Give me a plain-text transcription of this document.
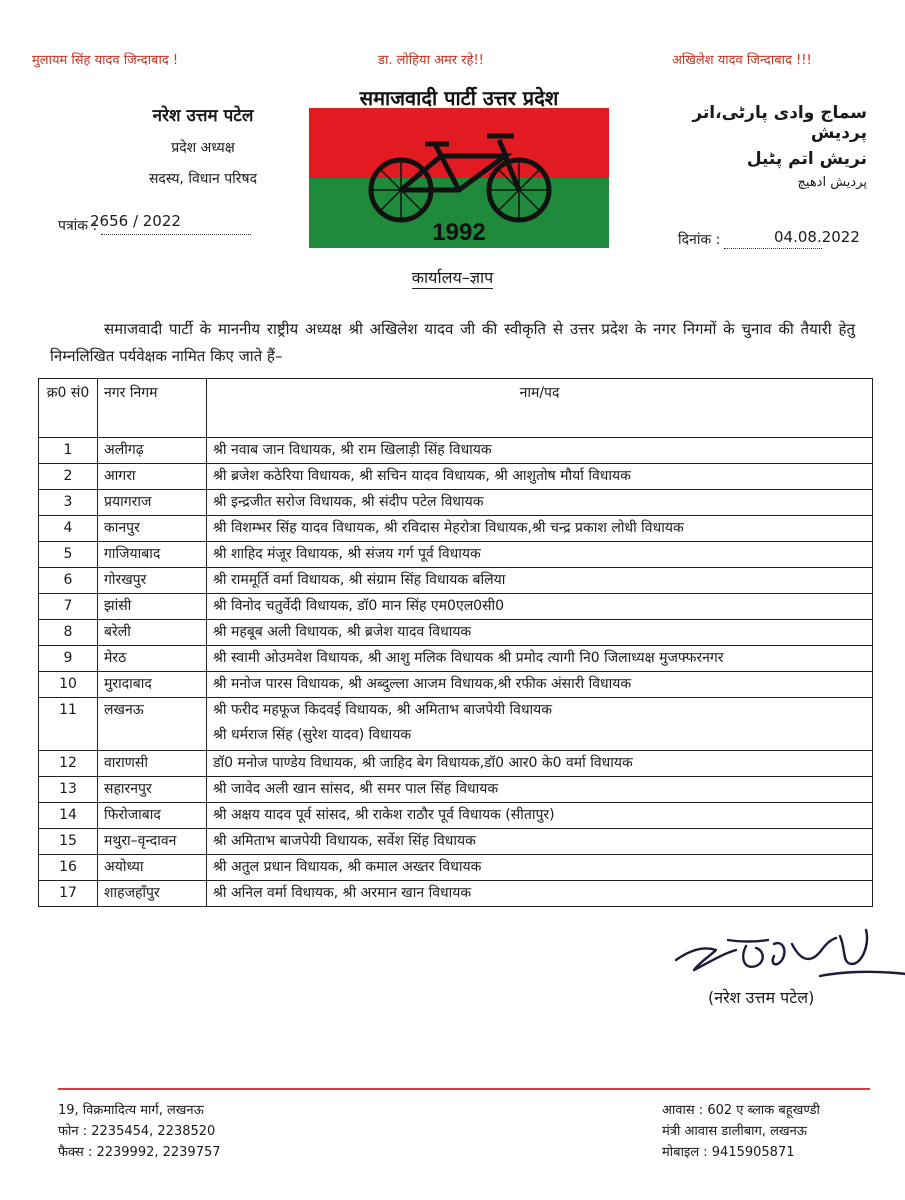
मुलायम सिंह यादव जिन्दाबाद !	डा. लोहिया अमर रहे!!	अखिलेश यादव जिन्दाबाद !!!
नरेश उत्तम पटेल
प्रदेश अध्यक्ष
सदस्य, विधान परिषद
1992
समाजवादी पार्टी उत्तर प्रदेश
سماج وادی پارٹی،اتر پردیش
نریش اتم پٹیل
پردیش ادھیچ
पत्रांक :
2656 / 2022
दिनांक :	04.08.2022
कार्यालय–ज्ञाप
समाजवादी पार्टी के माननीय राष्ट्रीय अध्यक्ष श्री अखिलेश यादव जी की स्वीकृति से उत्तर प्रदेश के नगर निगमों के चुनाव की तैयारी हेतु निम्नलिखित पर्यवेक्षक नामित किए जाते हैं–
क्र0 सं0	नगर निगम	नाम/पद
1	अलीगढ़	श्री नवाब जान विधायक, श्री राम खिलाड़ी सिंह विधायक
2	आगरा	श्री ब्रजेश कठेरिया विधायक, श्री सचिन यादव विधायक, श्री आशुतोष मौर्या विधायक
3	प्रयागराज	श्री इन्द्रजीत सरोज विधायक, श्री संदीप पटेल विधायक
4	कानपुर	श्री विशम्भर सिंह यादव विधायक, श्री रविदास मेहरोत्रा विधायक,श्री चन्द्र प्रकाश लोधी विधायक
5	गाजियाबाद	श्री शाहिद मंजूर विधायक, श्री संजय गर्ग पूर्व विधायक
6	गोरखपुर	श्री राममूर्ति वर्मा विधायक, श्री संग्राम सिंह विधायक बलिया
7	झांसी	श्री विनोद चतुर्वेदी विधायक, डॉ0 मान सिंह एम0एल0सी0
8	बरेली	श्री महबूब अली विधायक, श्री ब्रजेश यादव विधायक
9	मेरठ	श्री स्वामी ओउमवेश विधायक, श्री आशु मलिक विधायक श्री प्रमोद त्यागी नि0 जिलाध्यक्ष मुजफ्फरनगर
10	मुरादाबाद	श्री मनोज पारस विधायक, श्री अब्दुल्ला आजम विधायक,श्री रफीक अंसारी विधायक
11	लखनऊ	श्री फरीद महफूज किदवई विधायक, श्री अमिताभ बाजपेयी विधायक
श्री धर्मराज सिंह (सुरेश यादव) विधायक

12	वाराणसी	डॉ0 मनोज पाण्डेय विधायक, श्री जाहिद बेग विधायक,डॉ0 आर0 के0 वर्मा विधायक
13	सहारनपुर	श्री जावेद अली खान सांसद, श्री समर पाल सिंह विधायक
14	फिरोजाबाद	श्री अक्षय यादव पूर्व सांसद, श्री राकेश राठौर पूर्व विधायक (सीतापुर)
15	मथुरा–वृन्दावन	श्री अमिताभ बाजपेयी विधायक, सर्वेश सिंह विधायक
16	अयोध्या	श्री अतुल प्रधान विधायक, श्री कमाल अख्तर विधायक
17	शाहजहाँपुर	श्री अनिल वर्मा विधायक, श्री अरमान खान विधायक
(नरेश उत्तम पटेल)
19, विक्रमादित्य मार्ग, लखनऊ
फोन : 2235454, 2238520
फैक्स : 2239992, 2239757
आवास : 602 ए ब्लाक बहूखण्डी
मंत्री आवास डालीबाग, लखनऊ
मोबाइल : 9415905871
